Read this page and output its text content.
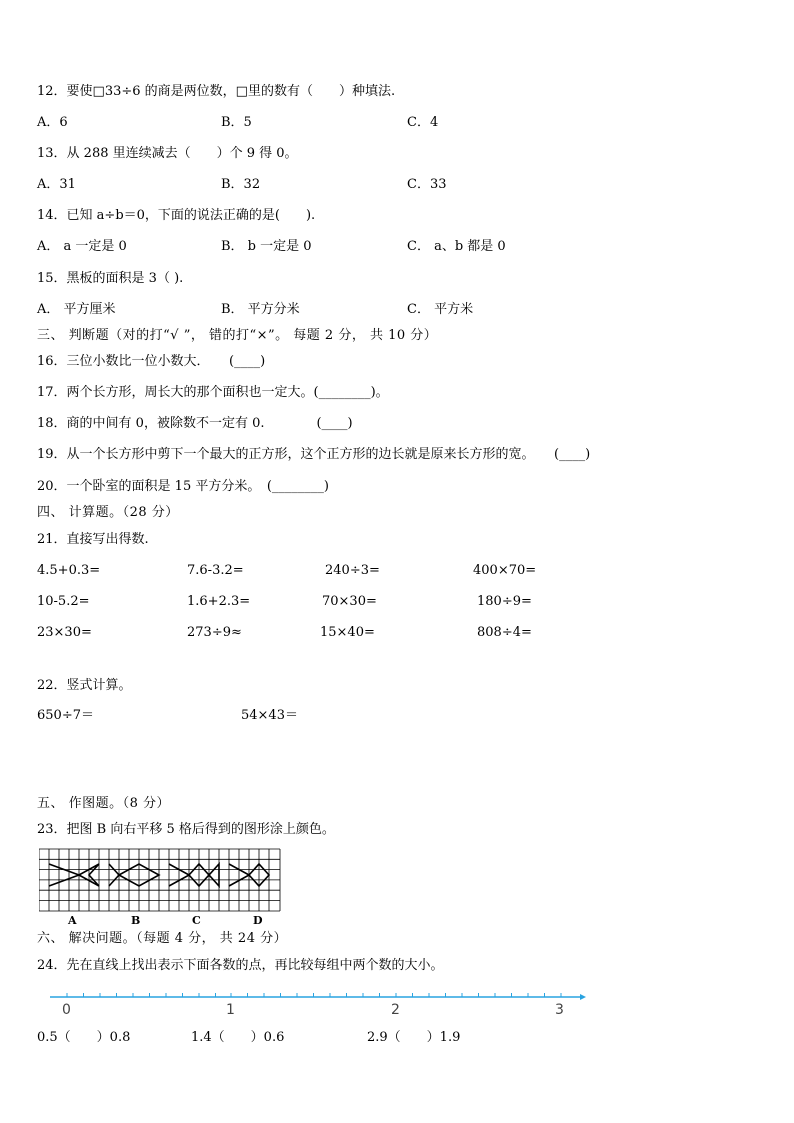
12．要使□33÷6 的商是两位数，□里的数有（　　）种填法.
A．6	B．5	C．4
13．从 288 里连续减去（　　）个 9 得 0。
A．31	B．32	C．33
14．已知 a÷b＝0，下面的说法正确的是(　　).
A． a 一定是 0	B． b 一定是 0	C． a、b 都是 0
15．黑板的面积是 3（ ).
A． 平方厘米	B． 平方分米	C． 平方米
三、 判断题（对的打“√ ”， 错的打“×”。 每题 2 分， 共 10 分）
16．三位小数比一位小数大．　　(____)
17．两个长方形，周长大的那个面积也一定大。(________)。
18．商的中间有 0，被除数不一定有 0.　　　　(____)
19．从一个长方形中剪下一个最大的正方形，这个正方形的边长就是原来长方形的宽。　　(____)
20．一个卧室的面积是 15 平方分米。　(________)
四、 计算题。（28 分）
21．直接写出得数.
4.5+0.3=	7.6-3.2=	240÷3=	400×70=
10-5.2=	1.6+2.3=	70×30=	180÷9=
23×30=	273÷9≈	15×40=	808÷4=
22．竖式计算。
650÷7＝	54×43＝
五、 作图题。（8 分）
23．把图 B 向右平移 5 格后得到的图形涂上颜色。
A	B	C	D
六、 解决问题。（每题 4 分， 共 24 分）
24．先在直线上找出表示下面各数的点，再比较每组中两个数的大小。
0	1	2	3
0.5（　　）0.8	1.4（　　）0.6	2.9（　　）1.9
